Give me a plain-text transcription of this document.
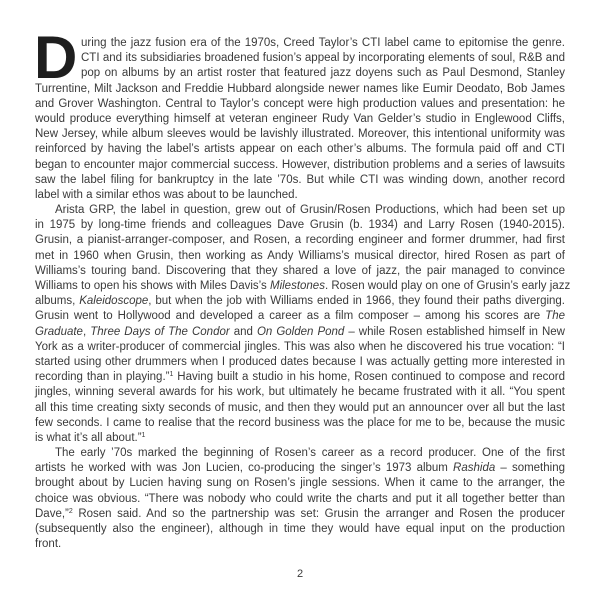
D uring the jazz fusion era of the 1970s, Creed Taylor’s CTI label came to epitomise the genre.
CTI and its subsidiaries broadened fusion’s appeal by incorporating elements of soul, R&B and
pop on albums by an artist roster that featured jazz doyens such as Paul Desmond, Stanley
Turrentine, Milt Jackson and Freddie Hubbard alongside newer names like Eumir Deodato, Bob James
and Grover Washington. Central to Taylor’s concept were high production values and presentation: he
would produce everything himself at veteran engineer Rudy Van Gelder’s studio in Englewood Cliffs,
New Jersey, while album sleeves would be lavishly illustrated. Moreover, this intentional uniformity was
reinforced by having the label’s artists appear on each other’s albums. The formula paid off and CTI
began to encounter major commercial success. However, distribution problems and a series of lawsuits
saw the label filing for bankruptcy in the late ’70s. But while CTI was winding down, another record
label with a similar ethos was about to be launched.
Arista GRP, the label in question, grew out of Grusin/Rosen Productions, which had been set up
in 1975 by long-time friends and colleagues Dave Grusin (b. 1934) and Larry Rosen (1940-2015).
Grusin, a pianist-arranger-composer, and Rosen, a recording engineer and former drummer, had first
met in 1960 when Grusin, then working as Andy Williams’s musical director, hired Rosen as part of
Williams’s touring band. Discovering that they shared a love of jazz, the pair managed to convince
Williams to open his shows with Miles Davis’s Milestones. Rosen would play on one of Grusin’s early jazz
albums, Kaleidoscope, but when the job with Williams ended in 1966, they found their paths diverging.
Grusin went to Hollywood and developed a career as a film composer – among his scores are The
Graduate, Three Days of The Condor and On Golden Pond – while Rosen established himself in New
York as a writer-producer of commercial jingles. This was also when he discovered his true vocation: “I
started using other drummers when I produced dates because I was actually getting more interested in
recording than in playing.”$^1$ Having built a studio in his home, Rosen continued to compose and record
jingles, winning several awards for his work, but ultimately he became frustrated with it all. “You spent
all this time creating sixty seconds of music, and then they would put an announcer over all but the last
few seconds. I came to realise that the record business was the place for me to be, because the music
is what it’s all about.”$^1$
The early ’70s marked the beginning of Rosen’s career as a record producer. One of the first
artists he worked with was Jon Lucien, co-producing the singer’s 1973 album Rashida – something
brought about by Lucien having sung on Rosen’s jingle sessions. When it came to the arranger, the
choice was obvious. “There was nobody who could write the charts and put it all together better than
Dave,”$^2$ Rosen said. And so the partnership was set: Grusin the arranger and Rosen the producer
(subsequently also the engineer), although in time they would have equal input on the production
front.
2
